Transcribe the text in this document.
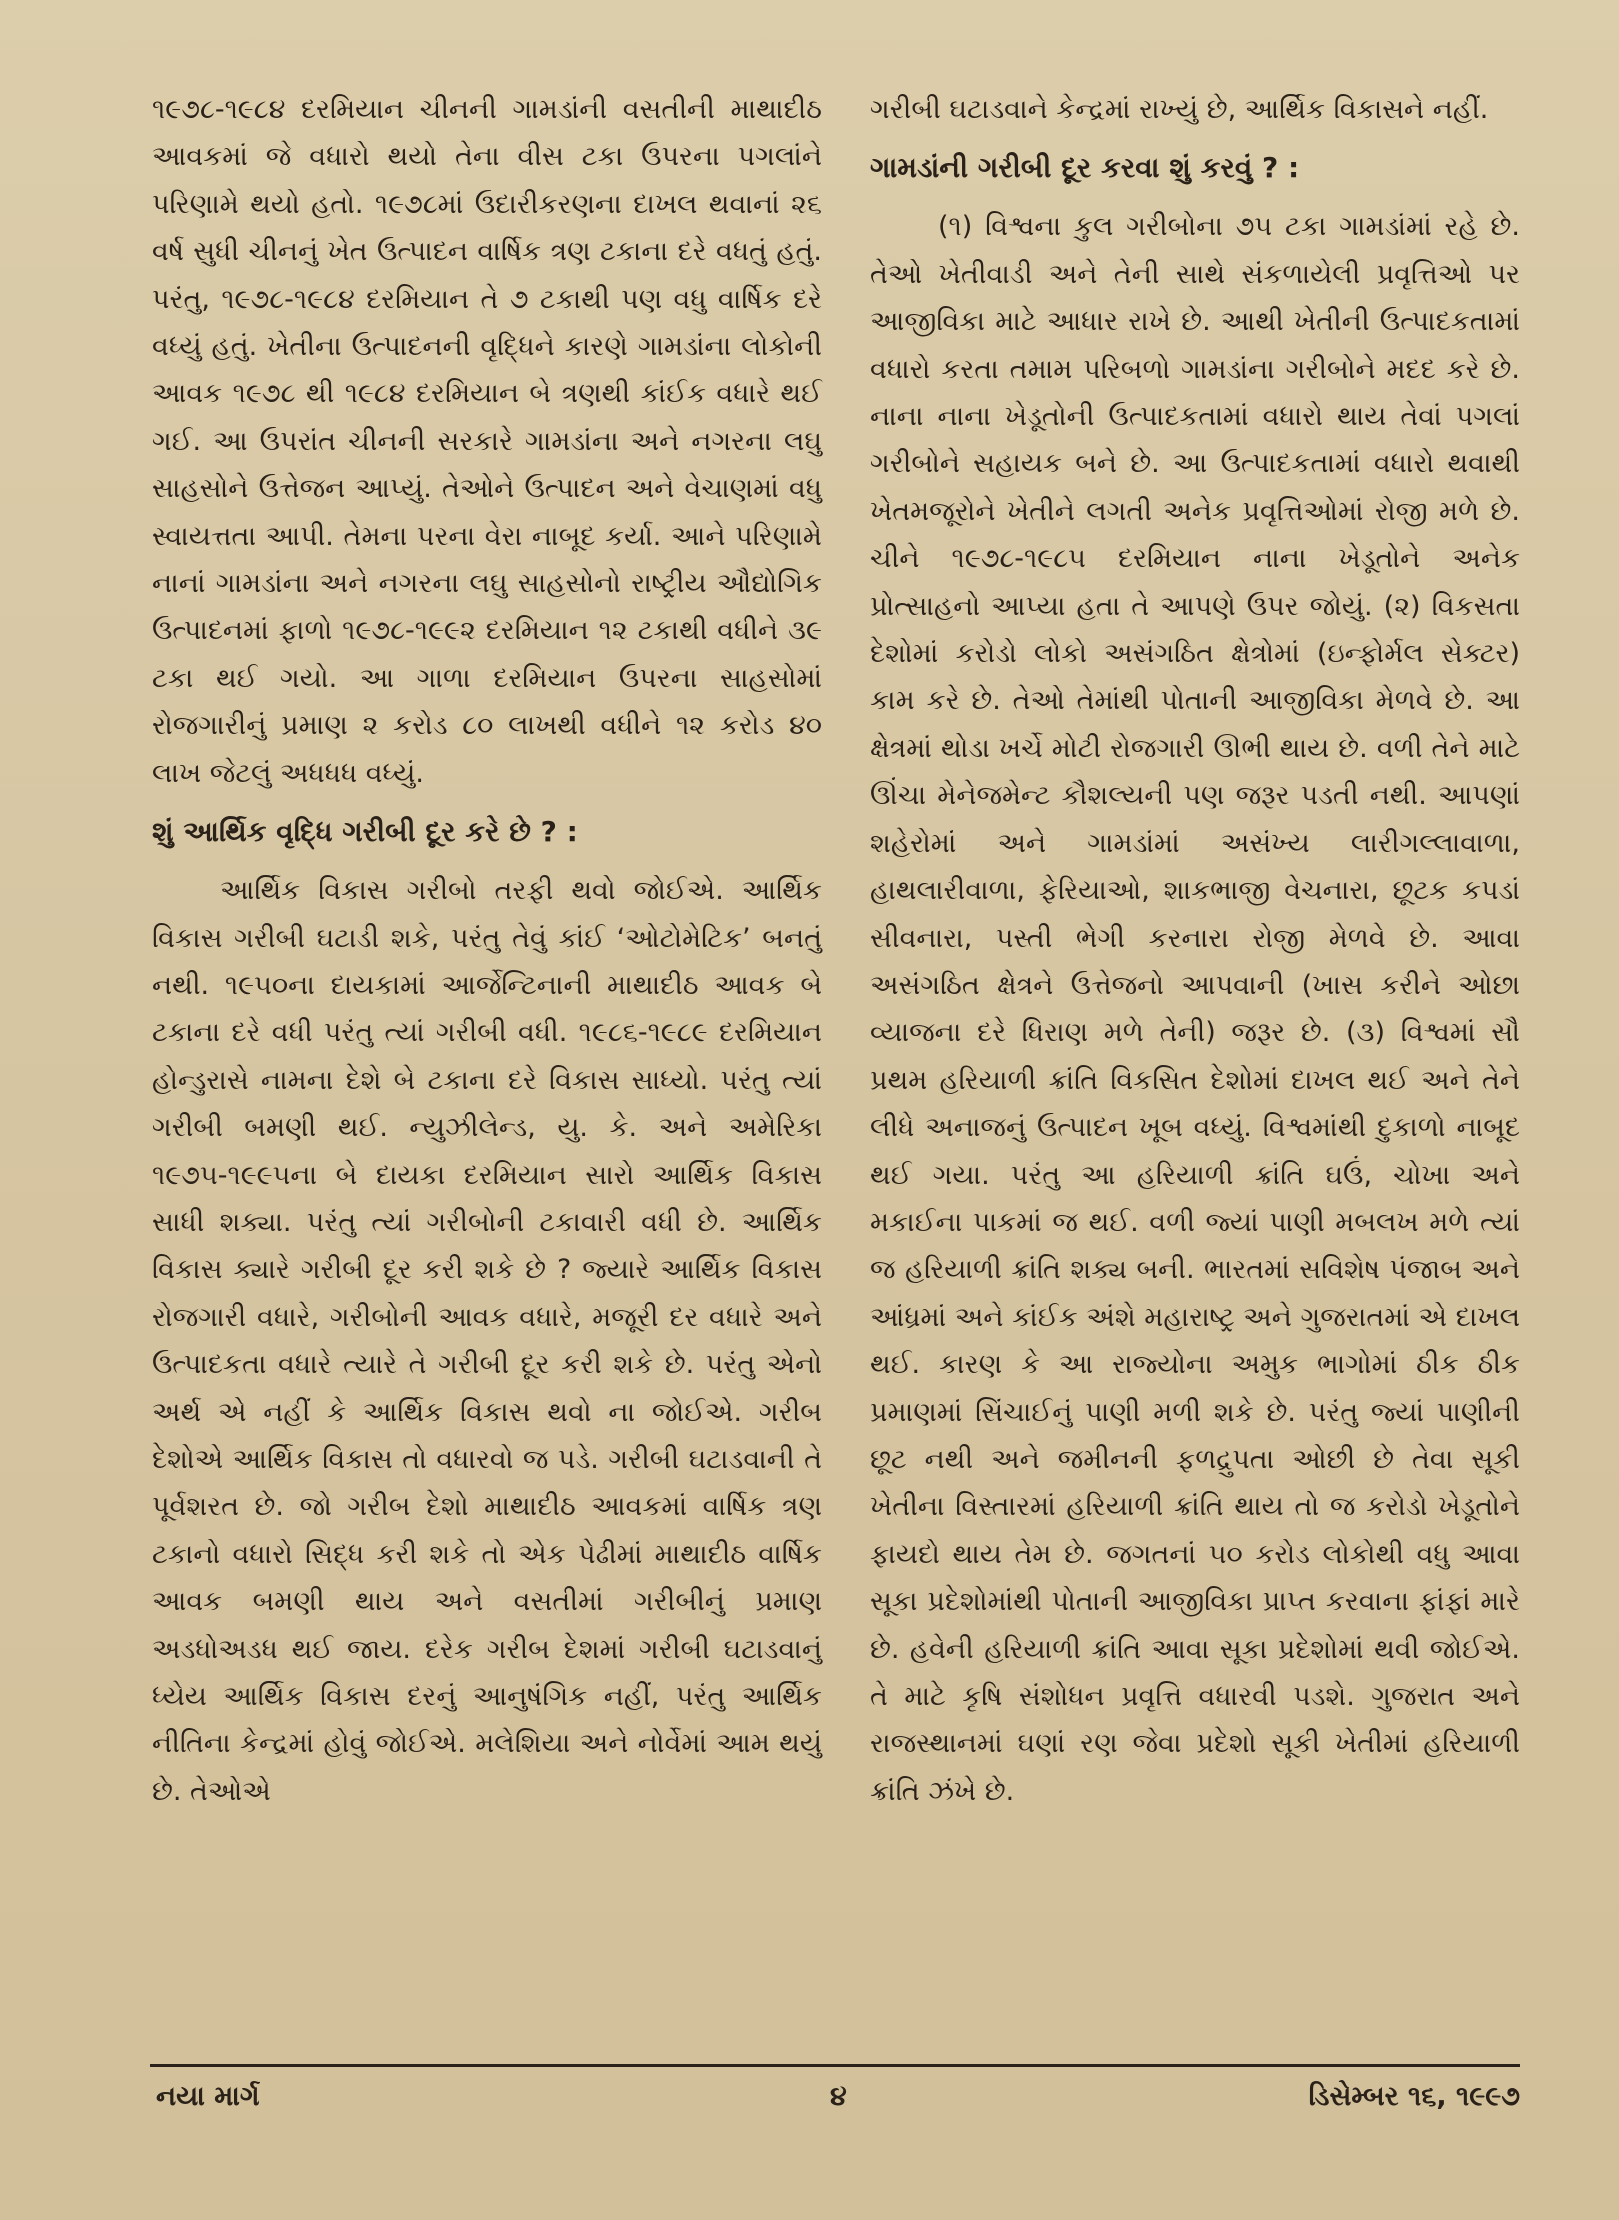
૧૯૭૮-૧૯૮૪ દરમિયાન ચીનની ગામડાંની વસતીની માથાદીઠ આવકમાં જે વધારો થયો તેના વીસ ટકા ઉપરના પગલાંને પરિણામે થયો હતો. ૧૯૭૮માં ઉદારીકરણના દાખલ થવાનાં ૨૬ વર્ષ સુધી ચીનનું ખેત ઉત્પાદન વાર્ષિક ત્રણ ટકાના દરે વધતું હતું. પરંતુ, ૧૯૭૮-૧૯૮૪ દરમિયાન તે ૭ ટકાથી પણ વધુ વાર્ષિક દરે વધ્યું હતું. ખેતીના ઉત્પાદનની વૃદ્ધિને કારણે ગામડાંના લોકોની આવક ૧૯૭૮ થી ૧૯૮૪ દરમિયાન બે ત્રણથી કાંઈક વધારે થઈ ગઈ. આ ઉપરાંત ચીનની સરકારે ગામડાંના અને નગરના લઘુ સાહસોને ઉત્તેજન આપ્યું. તેઓને ઉત્પાદન અને વેચાણમાં વધુ સ્વાયત્તતા આપી. તેમના પરના વેરા નાબૂદ કર્યા. આને પરિણામે નાનાં ગામડાંના અને નગરના લઘુ સાહસોનો રાષ્ટ્રીય ઔદ્યોગિક ઉત્પાદનમાં ફાળો ૧૯૭૮-૧૯૯૨ દરમિયાન ૧૨ ટકાથી વધીને ૩૯ ટકા થઈ ગયો. આ ગાળા દરમિયાન ઉપરના સાહસોમાં રોજગારીનું પ્રમાણ ૨ કરોડ ૮૦ લાખથી વધીને ૧૨ કરોડ ૪૦ લાખ જેટલું અધધધ વધ્યું.

શું આર્થિક વૃદ્ધિ ગરીબી દૂર કરે છે ? :

આર્થિક વિકાસ ગરીબો તરફી થવો જોઈએ. આર્થિક વિકાસ ગરીબી ઘટાડી શકે, પરંતુ તેવું કાંઈ ‘ઓટોમેટિક’ બનતું નથી. ૧૯૫૦ના દાયકામાં આર્જેન્ટિનાની માથાદીઠ આવક બે ટકાના દરે વધી પરંતુ ત્યાં ગરીબી વધી. ૧૯૮૬-૧૯૮૯ દરમિયાન હોન્ડુરાસે નામના દેશે બે ટકાના દરે વિકાસ સાધ્યો. પરંતુ ત્યાં ગરીબી બમણી થઈ. ન્યુઝીલેન્ડ, યુ. કે. અને અમેરિકા ૧૯૭૫-૧૯૯૫ના બે દાયકા દરમિયાન સારો આર્થિક વિકાસ સાધી શક્યા. પરંતુ ત્યાં ગરીબોની ટકાવારી વધી છે. આર્થિક વિકાસ ક્યારે ગરીબી દૂર કરી શકે છે ? જ્યારે આર્થિક વિકાસ રોજગારી વધારે, ગરીબોની આવક વધારે, મજૂરી દર વધારે અને ઉત્પાદકતા વધારે ત્યારે તે ગરીબી દૂર કરી શકે છે. પરંતુ એનો અર્થ એ નહીં કે આર્થિક વિકાસ થવો ના જોઈએ. ગરીબ દેશોએ આર્થિક વિકાસ તો વધારવો જ પડે. ગરીબી ઘટાડવાની તે પૂર્વશરત છે. જો ગરીબ દેશો માથાદીઠ આવકમાં વાર્ષિક ત્રણ ટકાનો વધારો સિદ્ધ કરી શકે તો એક પેઢીમાં માથાદીઠ વાર્ષિક આવક બમણી થાય અને વસતીમાં ગરીબીનું પ્રમાણ અડધોઅડધ થઈ જાય. દરેક ગરીબ દેશમાં ગરીબી ઘટાડવાનું ધ્યેય આર્થિક વિકાસ દરનું આનુષંગિક નહીં, પરંતુ આર્થિક નીતિના કેન્દ્રમાં હોવું જોઈએ. મલેશિયા અને નોર્વેમાં આમ થયું છે. તેઓએ

ગરીબી ઘટાડવાને કેન્દ્રમાં રાખ્યું છે, આર્થિક વિકાસને નહીં.

ગામડાંની ગરીબી દૂર કરવા શું કરવું ? :

(૧) વિશ્વના કુલ ગરીબોના ૭૫ ટકા ગામડાંમાં રહે છે. તેઓ ખેતીવાડી અને તેની સાથે સંકળાયેલી પ્રવૃત્તિઓ પર આજીવિકા માટે આધાર રાખે છે. આથી ખેતીની ઉત્પાદકતામાં વધારો કરતા તમામ પરિબળો ગામડાંના ગરીબોને મદદ કરે છે. નાના નાના ખેડૂતોની ઉત્પાદકતામાં વધારો થાય તેવાં પગલાં ગરીબોને સહાયક બને છે. આ ઉત્પાદકતામાં વધારો થવાથી ખેતમજૂરોને ખેતીને લગતી અનેક પ્રવૃત્તિઓમાં રોજી મળે છે. ચીને ૧૯૭૮-૧૯૮૫ દરમિયાન નાના ખેડૂતોને અનેક પ્રોત્સાહનો આપ્યા હતા તે આપણે ઉપર જોયું. (૨) વિકસતા દેશોમાં કરોડો લોકો અસંગઠિત ક્ષેત્રોમાં (ઇન્ફોર્મલ સેક્ટર) કામ કરે છે. તેઓ તેમાંથી પોતાની આજીવિકા મેળવે છે. આ ક્ષેત્રમાં થોડા ખર્ચે મોટી રોજગારી ઊભી થાય છે. વળી તેને માટે ઊંચા મેનેજમેન્ટ કૌશલ્યની પણ જરૂર પડતી નથી. આપણાં શહેરોમાં અને ગામડાંમાં અસંખ્ય લારીગલ્લાવાળા, હાથલારીવાળા, ફેરિયાઓ, શાકભાજી વેચનારા, છૂટક કપડાં સીવનારા, પસ્તી ભેગી કરનારા રોજી મેળવે છે. આવા અસંગઠિત ક્ષેત્રને ઉત્તેજનો આપવાની (ખાસ કરીને ઓછા વ્યાજના દરે ધિરાણ મળે તેની) જરૂર છે. (૩) વિશ્વમાં સૌ પ્રથમ હરિયાળી ક્રાંતિ વિકસિત દેશોમાં દાખલ થઈ અને તેને લીધે અનાજનું ઉત્પાદન ખૂબ વધ્યું. વિશ્વમાંથી દુકાળો નાબૂદ થઈ ગયા. પરંતુ આ હરિયાળી ક્રાંતિ ઘઉં, ચોખા અને મકાઈના પાકમાં જ થઈ. વળી જ્યાં પાણી મબલખ મળે ત્યાં જ હરિયાળી ક્રાંતિ શક્ય બની. ભારતમાં સવિશેષ પંજાબ અને આંધ્રમાં અને કાંઈક અંશે મહારાષ્ટ્ર અને ગુજરાતમાં એ દાખલ થઈ. કારણ કે આ રાજ્યોના અમુક ભાગોમાં ઠીક ઠીક પ્રમાણમાં સિંચાઈનું પાણી મળી શકે છે. પરંતુ જ્યાં પાણીની છૂટ નથી અને જમીનની ફળદ્રુપતા ઓછી છે તેવા સૂકી ખેતીના વિસ્તારમાં હરિયાળી ક્રાંતિ થાય તો જ કરોડો ખેડૂતોને ફાયદો થાય તેમ છે. જગતનાં ૫૦ કરોડ લોકોથી વધુ આવા સૂકા પ્રદેશોમાંથી પોતાની આજીવિકા પ્રાપ્ત કરવાના ફાંફાં મારે છે. હવેની હરિયાળી ક્રાંતિ આવા સૂકા પ્રદેશોમાં થવી જોઈએ. તે માટે કૃષિ સંશોધન પ્રવૃત્તિ વધારવી પડશે. ગુજરાત અને રાજસ્થાનમાં ઘણાં રણ જેવા પ્રદેશો સૂકી ખેતીમાં હરિયાળી ક્રાંતિ ઝંખે છે.

નયા માર્ગ	૪	ડિસેમ્બર ૧૬, ૧૯૯૭
